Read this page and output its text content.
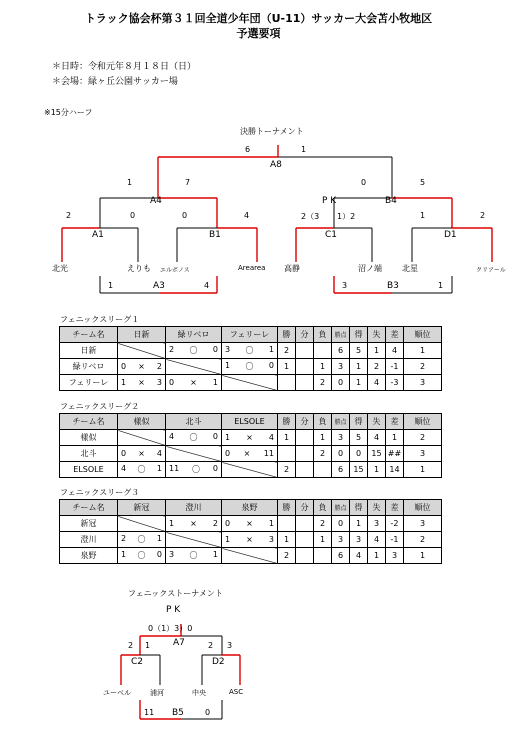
トラック協会杯第３１回全道少年団（U-11）サッカー大会苫小牧地区
予選要項
＊日時：令和元年８月１８日（日）
＊会場：緑ヶ丘公園サッカー場
※15分ハーフ
決勝トーナメント
6	1
A8
1	7
A4
0	5
P K	B4
2	0
A1
0	4
B1
2（3 1）2
C1
1	2
D1
北光	えりも エルボノス	Arearea 高静	沼ノ端	北星	クリアール
1	A3	4	3	B3	1
フェニックスリーグ１
フェニックスリーグ２
フェニックスリーグ３
チーム名	日新	緑リベロ	フェリーレ	勝	分	負	勝点	得	失	差	順位
日新		2 〇 0	3 〇 1	2			6	5	1	4	1
緑リベロ	0 × 2		1 〇 0	1		1	3	1	2	-1	2
フェリーレ	1 × 3	0 × 1				2	0	1	4	-3	3
チーム名	樣似	北斗	ELSOLE	勝	分	負	勝点	得	失	差	順位
樣似		4 〇 0	1 × 4	1		1	3	5	4	1	2
北斗	0 × 4		0 × 11			2	0	0	15	##	3
ELSOLE	4 〇 1	11 〇 0		2			6	15	1	14	1
チーム名	新冠	澄川	泉野	勝	分	負	勝点	得	失	差	順位
新冠		1 × 2	0 × 1			2	0	1	3	-2	3
澄川	2 〇 1		1 × 3	1		1	3	3	4	-1	2
泉野	1 〇 0	3 〇 1		2			6	4	1	3	1
フェニックストーナメント
P K
0（1）3）0
A7
2 1	2 3
C2	D2
ユーベル	浦河	中央	ASC
11 B5	0
